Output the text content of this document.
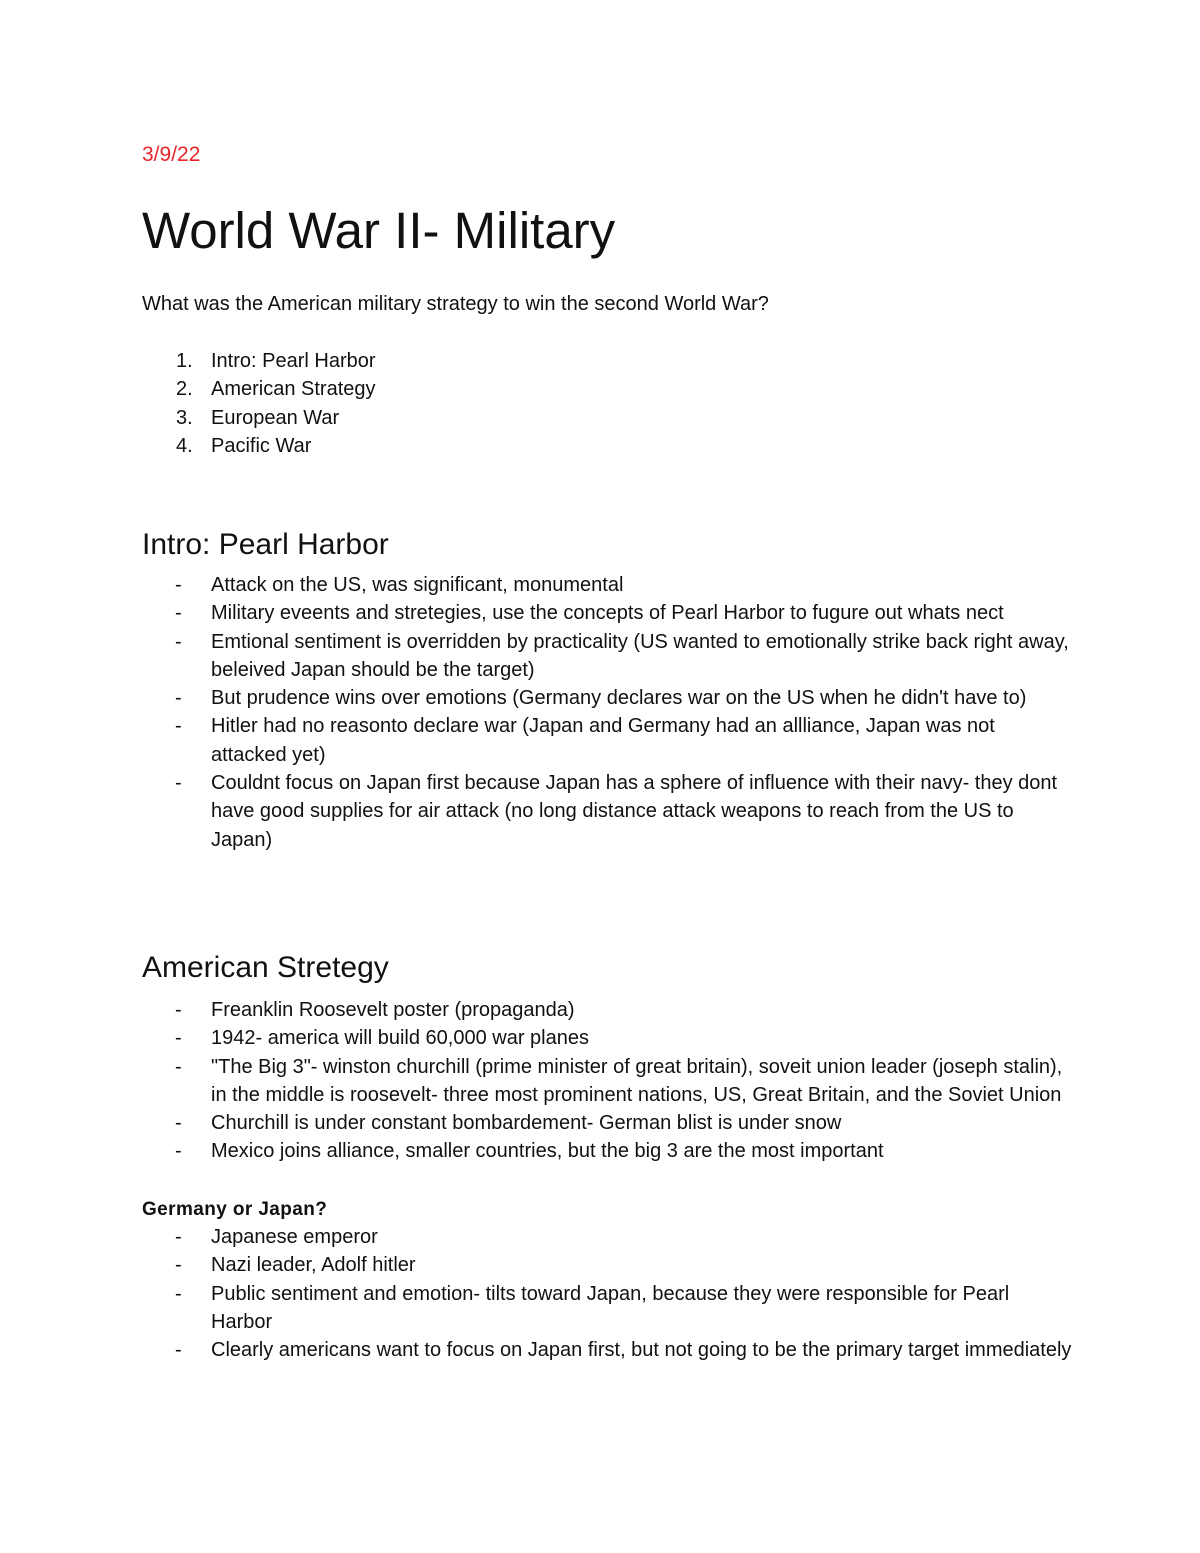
3/9/22
World War II- Military
What was the American military strategy to win the second World War?
1. Intro: Pearl Harbor
2. American Strategy
3. European War
4. Pacific War
Intro: Pearl Harbor
- Attack on the US, was significant, monumental
- Military eveents and stretegies, use the concepts of Pearl Harbor to fugure out whats nect
- Emtional sentiment is overridden by practicality (US wanted to emotionally strike back right away, beleived Japan should be the target)
- But prudence wins over emotions (Germany declares war on the US when he didn't have to)
- Hitler had no reasonto declare war (Japan and Germany had an allliance, Japan was not attacked yet)
- Couldnt focus on Japan first because Japan has a sphere of influence with their navy- they dont have good supplies for air attack (no long distance attack weapons to reach from the US to Japan)
American Stretegy
- Freanklin Roosevelt poster (propaganda)
- 1942- america will build 60,000 war planes
- "The Big 3"- winston churchill (prime minister of great britain), soveit union leader (joseph stalin), in the middle is roosevelt- three most prominent nations, US, Great Britain, and the Soviet Union
- Churchill is under constant bombardement- German blist is under snow
- Mexico joins alliance, smaller countries, but the big 3 are the most important
Germany or Japan?
- Japanese emperor
- Nazi leader, Adolf hitler
- Public sentiment and emotion- tilts toward Japan, because they were responsible for Pearl Harbor
- Clearly americans want to focus on Japan first, but not going to be the primary target immediately
